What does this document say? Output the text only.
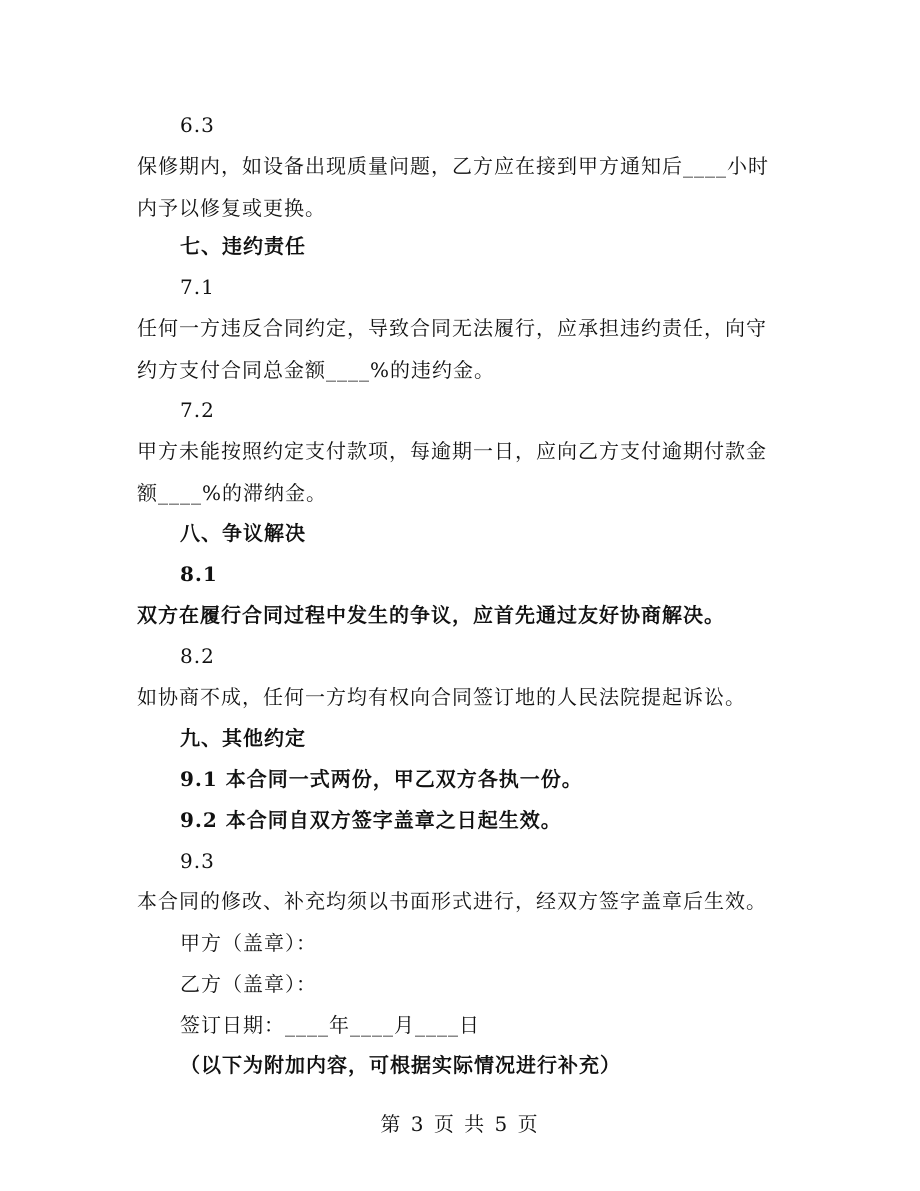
6.3
保修期内，如设备出现质量问题，乙方应在接到甲方通知后____小时
内予以修复或更换。
七、违约责任
7.1
任何一方违反合同约定，导致合同无法履行，应承担违约责任，向守
约方支付合同总金额____%的违约金。
7.2
甲方未能按照约定支付款项，每逾期一日，应向乙方支付逾期付款金
额____%的滞纳金。
八、争议解决
8.1
双方在履行合同过程中发生的争议，应首先通过友好协商解决。
8.2
如协商不成，任何一方均有权向合同签订地的人民法院提起诉讼。
九、其他约定
9.1 本合同一式两份，甲乙双方各执一份。
9.2 本合同自双方签字盖章之日起生效。
9.3
本合同的修改、补充均须以书面形式进行，经双方签字盖章后生效。
甲方（盖章）：
乙方（盖章）：
签订日期：____年____月____日
（以下为附加内容，可根据实际情况进行补充）
第 3 页 共 5 页
